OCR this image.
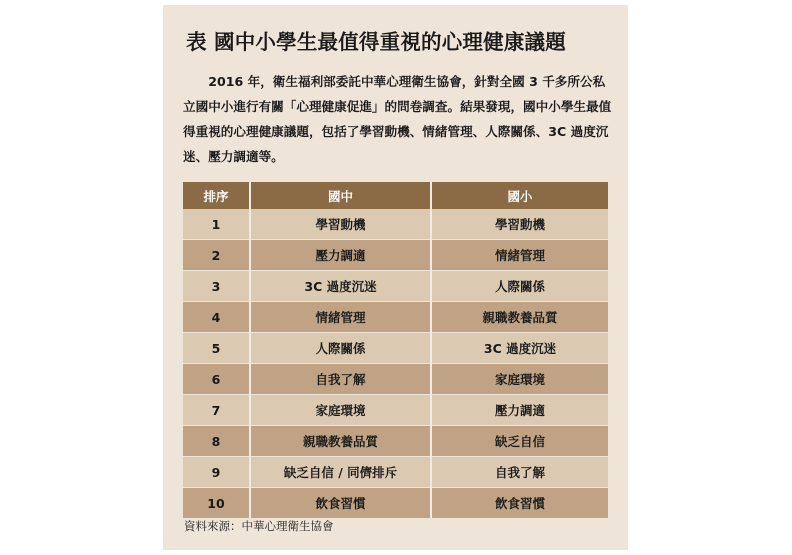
表 國中小學生最值得重視的心理健康議題

2016 年，衛生福利部委託中華心理衛生協會，針對全國 3 千多所公私立國中小進行有關「心理健康促進」的問卷調查。結果發現，國中小學生最值得重視的心理健康議題，包括了學習動機、情緒管理、人際關係、3C 過度沉迷、壓力調適等。

排序	國中	國小
1	學習動機	學習動機
2	壓力調適	情緒管理
3	3C 過度沉迷	人際關係
4	情緒管理	親職教養品質
5	人際關係	3C 過度沉迷
6	自我了解	家庭環境
7	家庭環境	壓力調適
8	親職教養品質	缺乏自信
9	缺乏自信 / 同儕排斥	自我了解
10	飲食習慣	飲食習慣
資料來源：中華心理衛生協會
